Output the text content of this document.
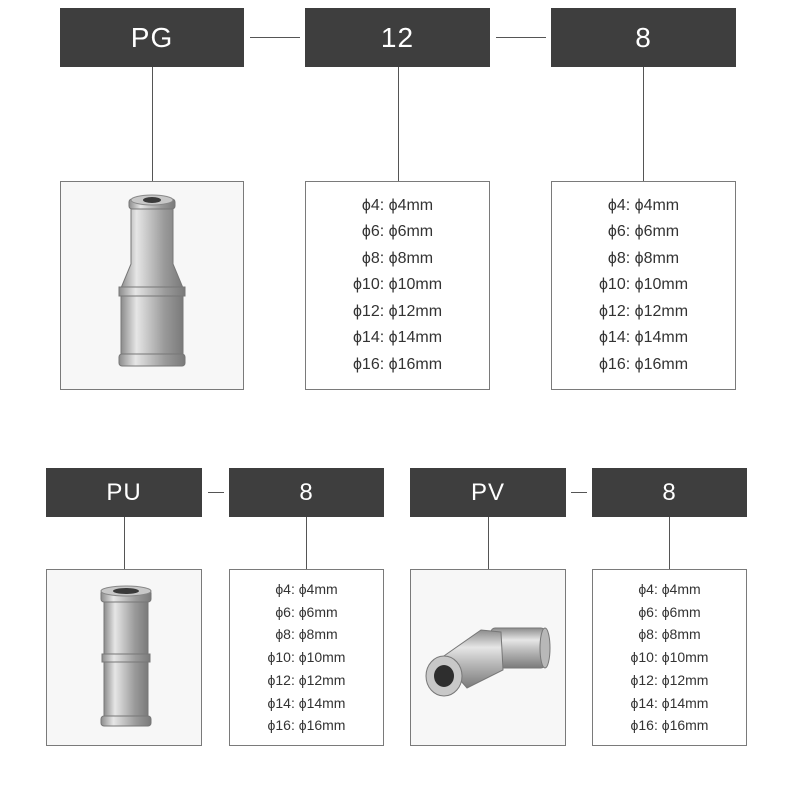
PG	12	8
ϕ4: ϕ4mm
ϕ6: ϕ6mm
ϕ8: ϕ8mm
ϕ10: ϕ10mm
ϕ12: ϕ12mm
ϕ14: ϕ14mm
ϕ16: ϕ16mm
ϕ4: ϕ4mm
ϕ6: ϕ6mm
ϕ8: ϕ8mm
ϕ10: ϕ10mm
ϕ12: ϕ12mm
ϕ14: ϕ14mm
ϕ16: ϕ16mm
PU	8
ϕ4: ϕ4mm
ϕ6: ϕ6mm
ϕ8: ϕ8mm
ϕ10: ϕ10mm
ϕ12: ϕ12mm
ϕ14: ϕ14mm
ϕ16: ϕ16mm
PV	8
ϕ4: ϕ4mm
ϕ6: ϕ6mm
ϕ8: ϕ8mm
ϕ10: ϕ10mm
ϕ12: ϕ12mm
ϕ14: ϕ14mm
ϕ16: ϕ16mm
